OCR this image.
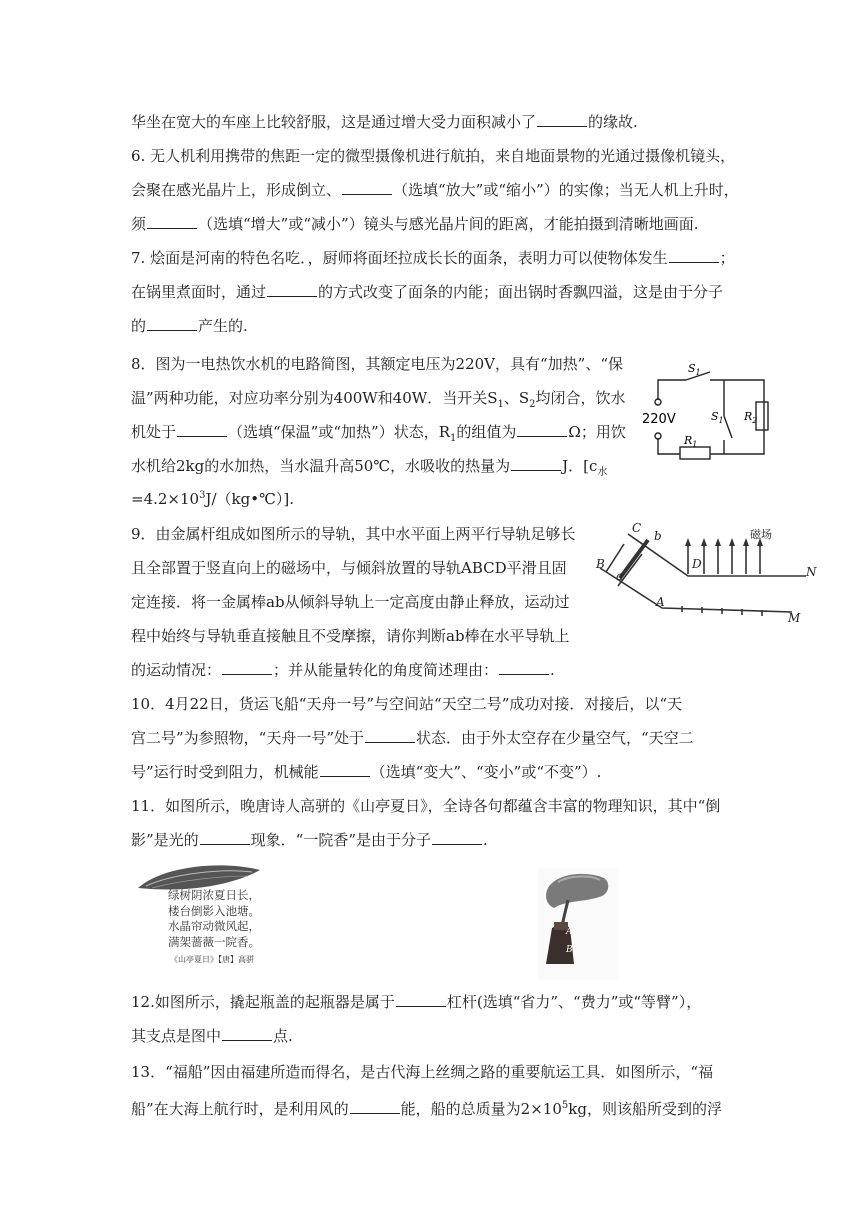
华坐在宽大的车座上比较舒服，这是通过增大受力面积减小了	的缘故.
6. 无人机利用携带的焦距一定的微型摄像机进行航拍，来自地面景物的光通过摄像机镜头，
会聚在感光晶片上，形成倒立、	（选填“放大”或“缩小”）的实像；当无人机上升时，
须	（选填“增大”或“减小”）镜头与感光晶片间的距离，才能拍摄到清晰地画面.
7. 烩面是河南的特色名吃．，厨师将面坯拉成长长的面条，表明力可以使物体发生	；
在锅里煮面时，通过	的方式改变了面条的内能；面出锅时香飘四溢，这是由于分子
的	产生的.
8．图为一电热饮水机的电路简图，其额定电压为220V，具有“加热”、“保
温”两种功能，对应功率分别为400W和40W．当开关$S_1$、$S_2$均闭合，饮水
机处于	（选填“保温”或“加热”）状态，$R_1$的组值为	Ω；用饮
水机给2kg的水加热，当水温升高50℃，水吸收的热量为	J．[$c_水$
$=4.2\times 10^3J/(kg•℃)$].
220V
$S_1$
$S_1$
$R_1$
$R_2$
9．由金属杆组成如图所示的导轨，其中水平面上两平行导轨足够长
且全部置于竖直向上的磁场中，与倾斜放置的导轨ABCD平滑且固
定连接．将一金属棒ab从倾斜导轨上一定高度由静止释放，运动过
程中始终与导轨垂直接触且不受摩擦，请你判断ab棒在水平导轨上
的运动情况：	；并从能量转化的角度简述理由：	.
C
b
B
a
D
N
A
M
磁场
10．4月22日，货运飞船“天舟一号”与空间站“天空二号”成功对接．对接后，以“天
宫二号”为参照物，“天舟一号”处于	状态．由于外太空存在少量空气，“天空二
号”运行时受到阻力，机械能	（选填“变大”、“变小”或“不变”）.
11．如图所示，晚唐诗人高骈的《山亭夏日》，全诗各句都蕴含丰富的物理知识，其中“倒
影”是光的	现象．“一院香”是由于分子	.
绿树阴浓夏日长，
楼台倒影入池塘。
水晶帘动微风起，
满架蔷薇一院香。
《山亭夏日》【唐】高骈
A
B
12.如图所示，撬起瓶盖的起瓶器是属于	杠杆(选填“省力”、“费力”或“等臂”），
其支点是图中	点.
13．“福船”因由福建所造而得名，是古代海上丝绸之路的重要航运工具．如图所示，“福
船”在大海上航行时，是利用风的	能，船的总质量为$2\times 10^5kg$，则该船所受到的浮
